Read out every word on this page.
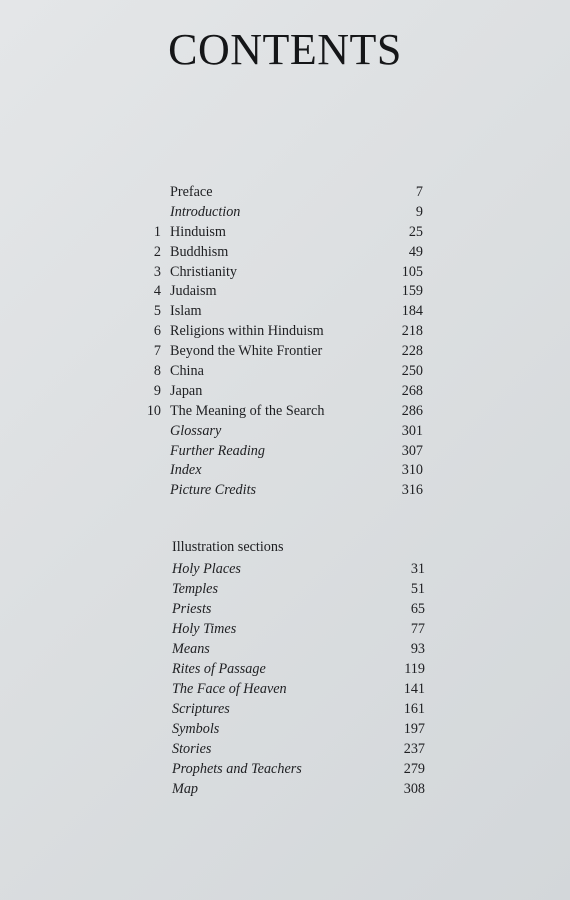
CONTENTS
Preface	7
Introduction	9
1 Hinduism	25
2 Buddhism	49
3 Christianity	105
4 Judaism	159
5 Islam	184
6 Religions within Hinduism	218
7 Beyond the White Frontier	228
8 China	250
9 Japan	268
10 The Meaning of the Search	286
Glossary	301
Further Reading	307
Index	310
Picture Credits	316
Illustration sections
Holy Places	31
Temples	51
Priests	65
Holy Times	77
Means	93
Rites of Passage	119
The Face of Heaven	141
Scriptures	161
Symbols	197
Stories	237
Prophets and Teachers	279
Map	308
